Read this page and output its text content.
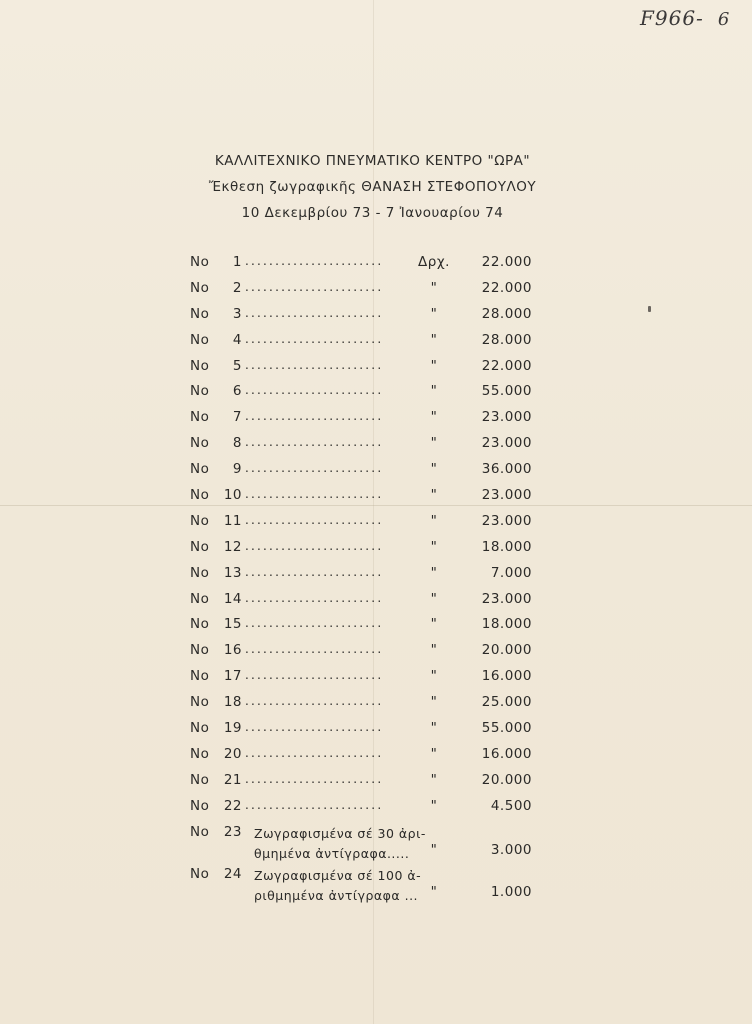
F966- 6
ΚΑΛΛΙΤΕΧΝΙΚΟ ΠΝΕΥΜΑΤΙΚΟ ΚΕΝΤΡΟ "ΩΡΑ"
Ἔκθεση ζωγραφικῆς ΘΑΝΑΣΗ ΣΤΕΦΟΠΟΥΛΟΥ
10 Δεκεμβρίου 73 - 7 Ἰανουαρίου 74
No	1 .......................	Δρχ.	22.000
No	2 .......................	"	22.000
No	3 .......................	"	28.000
No	4 .......................	"	28.000
No	5 .......................	"	22.000
No	6 .......................	"	55.000
No	7 .......................	"	23.000
No	8 .......................	"	23.000
No	9 .......................	"	36.000
No	10 .......................	"	23.000
No	11 .......................	"	23.000
No	12 .......................	"	18.000
No	13 .......................	"	7.000
No	14 .......................	"	23.000
No	15 .......................	"	18.000
No	16 .......................	"	20.000
No	17 .......................	"	16.000
No	18 .......................	"	25.000
No	19 .......................	"	55.000
No	20 .......................	"	16.000
No	21 .......................	"	20.000
No	22 .......................	"	4.500
No	23 Ζωγραφισμένα σέ 30 ἀρι-
θμημένα ἀντίγραφα.....	"	3.000
No	24 Ζωγραφισμένα σέ 100 ἀ-
ριθμημένα ἀντίγραφα ... "	1.000
